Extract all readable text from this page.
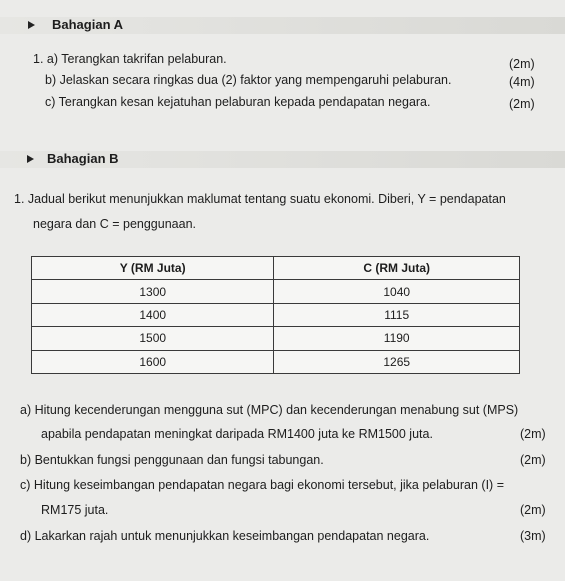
Bahagian A
1. a) Terangkan takrifan pelaburan.	(2m)
b) Jelaskan secara ringkas dua (2) faktor yang mempengaruhi pelaburan.	(4m)
c) Terangkan kesan kejatuhan pelaburan kepada pendapatan negara.	(2m)
Bahagian B
1. Jadual berikut menunjukkan maklumat tentang suatu ekonomi. Diberi, Y = pendapatan
negara dan C = penggunaan.
Y (RM Juta)	C (RM Juta)
1300	1040
1400	1115
1500	1190
1600	1265
a) Hitung kecenderungan mengguna sut (MPC) dan kecenderungan menabung sut (MPS)
apabila pendapatan meningkat daripada RM1400 juta ke RM1500 juta.	(2m)
b) Bentukkan fungsi penggunaan dan fungsi tabungan.	(2m)
c) Hitung keseimbangan pendapatan negara bagi ekonomi tersebut, jika pelaburan (I) =
RM175 juta.	(2m)
d) Lakarkan rajah untuk menunjukkan keseimbangan pendapatan negara.	(3m)
